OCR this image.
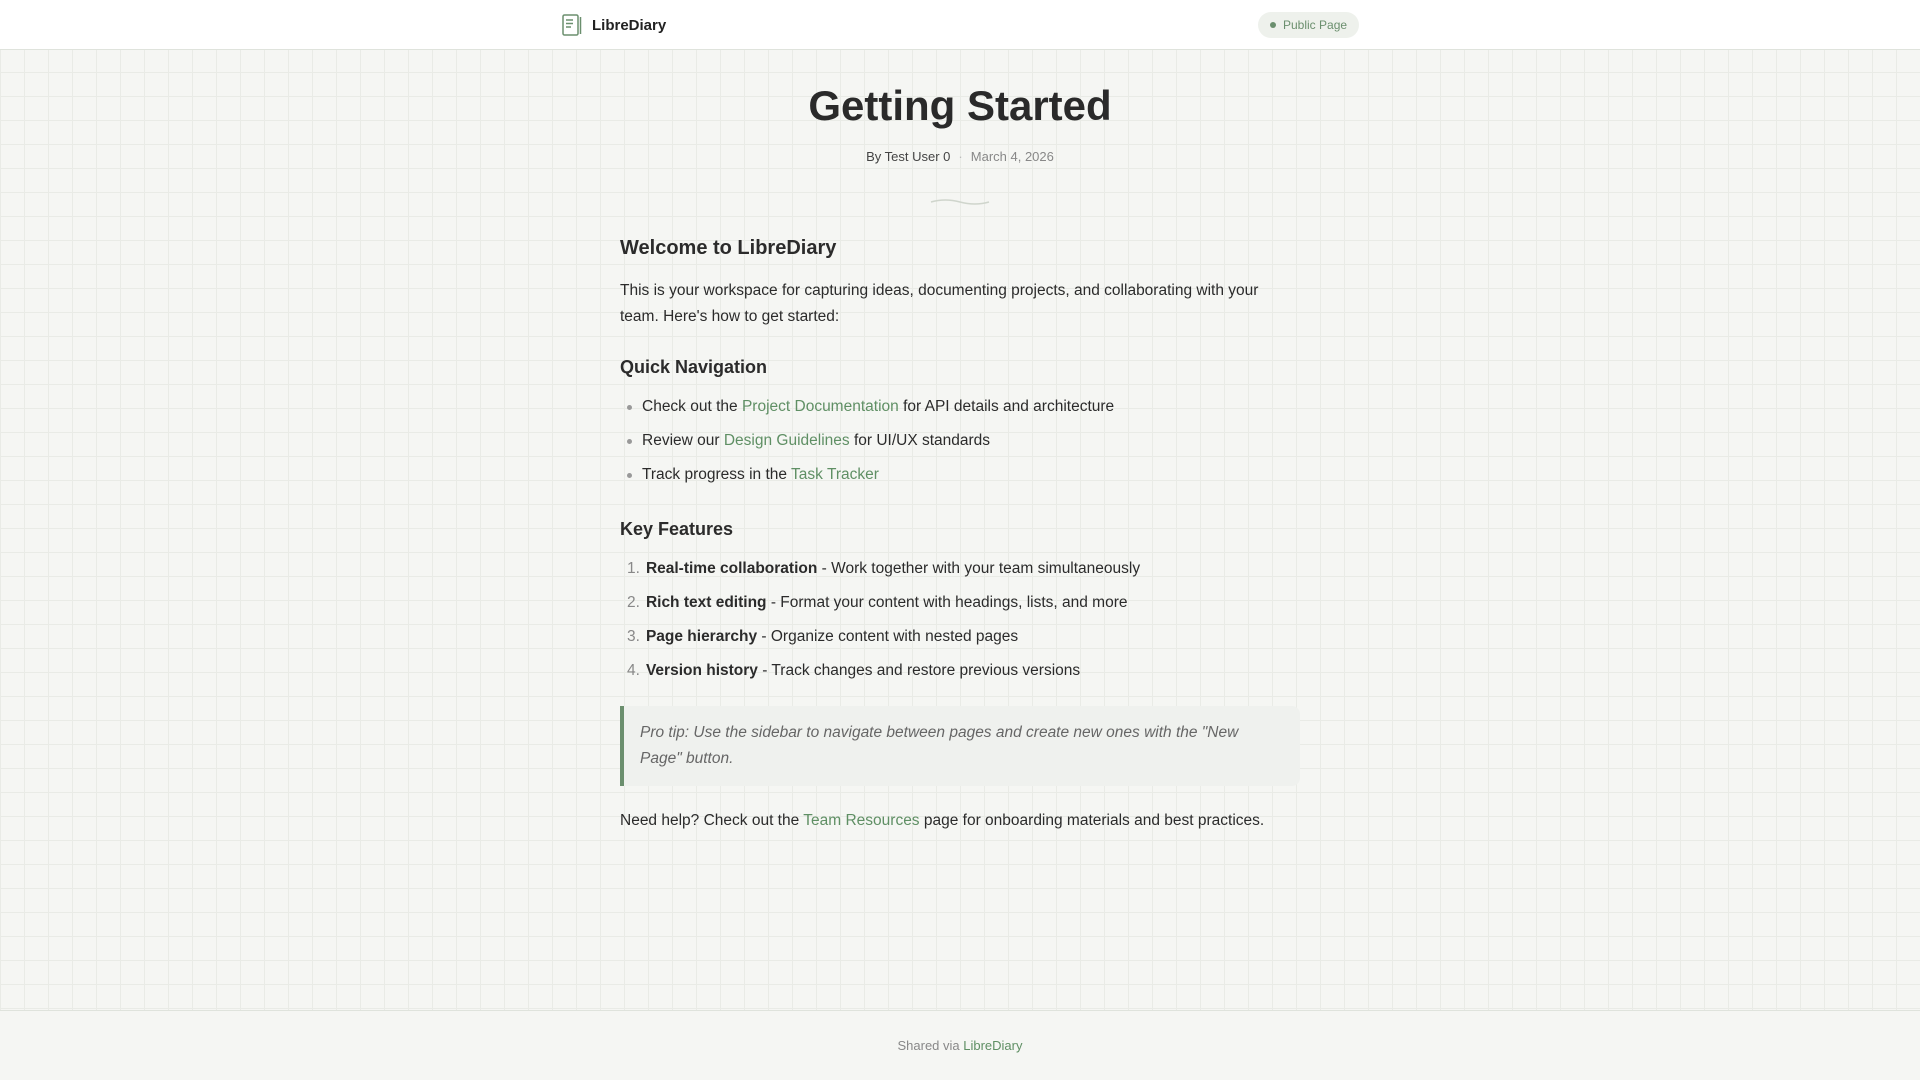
LibreDiary	Public Page
Getting Started
By Test User 0 · March 4, 2026
Welcome to LibreDiary

This is your workspace for capturing ideas, documenting projects, and collaborating with your team. Here's how to get started:

Quick Navigation
Check out the Project Documentation for API details and architecture
Review our Design Guidelines for UI/UX standards
Track progress in the Task Tracker
Key Features
1. Real-time collaboration - Work together with your team simultaneously
2. Rich text editing - Format your content with headings, lists, and more
3. Page hierarchy - Organize content with nested pages
4. Version history - Track changes and restore previous versions
Pro tip: Use the sidebar to navigate between pages and create new ones with the "New Page" button.

Need help? Check out the Team Resources page for onboarding materials and best practices.

Shared via LibreDiary
